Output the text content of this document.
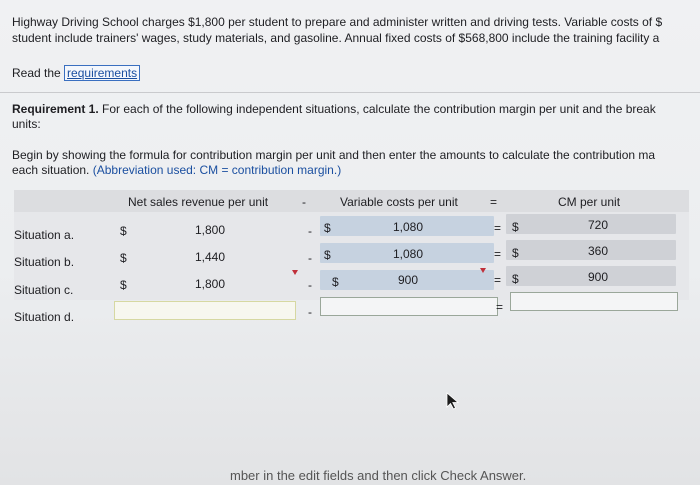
Highway Driving School charges $1,800 per student to prepare and administer written and driving tests. Variable costs of $
student include trainers' wages, study materials, and gasoline. Annual fixed costs of $568,800 include the training facility a
Read the requirements
Requirement 1. For each of the following independent situations, calculate the contribution margin per unit and the break
units:
Begin by showing the formula for contribution margin per unit and then enter the amounts to calculate the contribution ma
each situation. (Abbreviation used: CM = contribution margin.)
Net sales revenue per unit	-	Variable costs per unit	=	CM per unit
Situation a.	$	1,800	- $	1,080	= $	720
Situation b.	$	1,440	- $	1,080	= $	360
Situation c.	$	1,800	- $	900	= $	900
Situation d.	-	=
mber in the edit fields and then click Check Answer.
